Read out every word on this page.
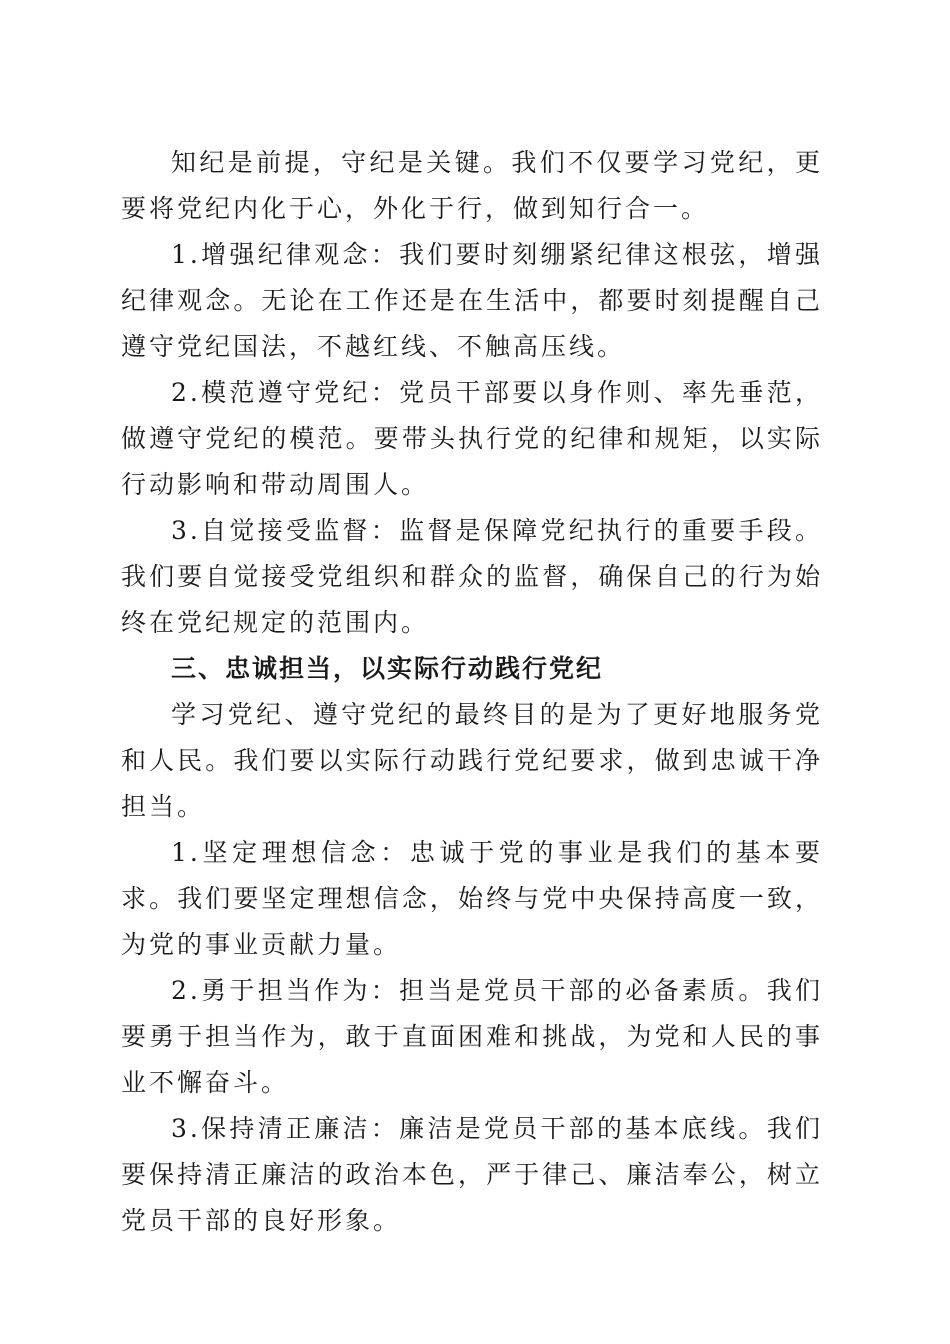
知纪是前提，守纪是关键。我们不仅要学习党纪，更要将党纪内化于心，外化于行，做到知行合一。

1.增强纪律观念：我们要时刻绷紧纪律这根弦，增强纪律观念。无论在工作还是在生活中，都要时刻提醒自己遵守党纪国法，不越红线、不触高压线。

2.模范遵守党纪：党员干部要以身作则、率先垂范，做遵守党纪的模范。要带头执行党的纪律和规矩，以实际行动影响和带动周围人。

3.自觉接受监督：监督是保障党纪执行的重要手段。我们要自觉接受党组织和群众的监督，确保自己的行为始终在党纪规定的范围内。

三、忠诚担当，以实际行动践行党纪

学习党纪、遵守党纪的最终目的是为了更好地服务党和人民。我们要以实际行动践行党纪要求，做到忠诚干净担当。

1.坚定理想信念：忠诚于党的事业是我们的基本要求。我们要坚定理想信念，始终与党中央保持高度一致，为党的事业贡献力量。

2.勇于担当作为：担当是党员干部的必备素质。我们要勇于担当作为，敢于直面困难和挑战，为党和人民的事业不懈奋斗。

3.保持清正廉洁：廉洁是党员干部的基本底线。我们要保持清正廉洁的政治本色，严于律己、廉洁奉公，树立党员干部的良好形象。
